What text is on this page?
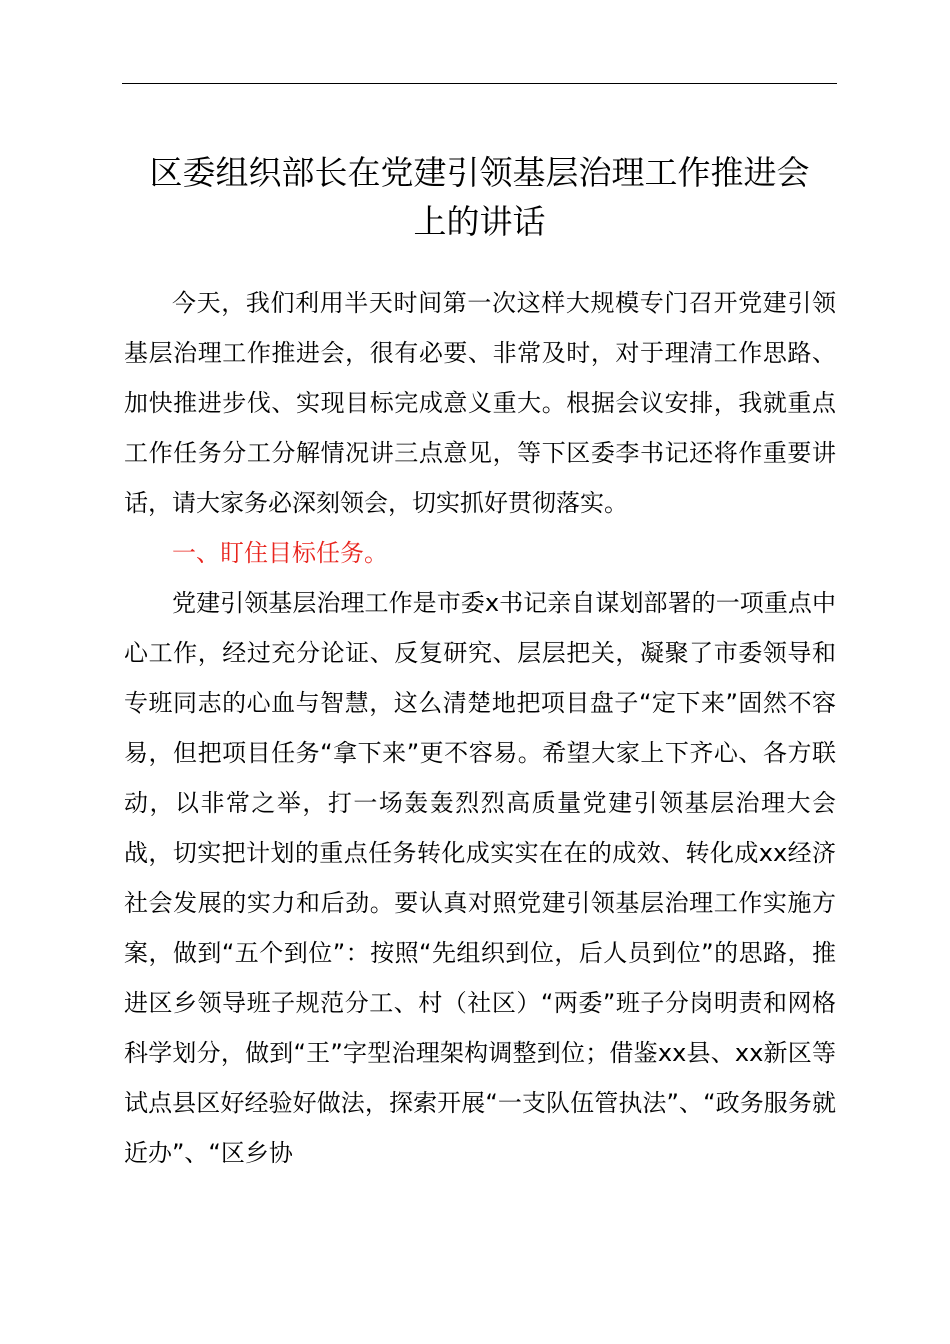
区委组织部长在党建引领基层治理工作推进会
上的讲话

今天，我们利用半天时间第一次这样大规模专门召开党建引领基层治理工作推进会，很有必要、非常及时，对于理清工作思路、加快推进步伐、实现目标完成意义重大。根据会议安排，我就重点工作任务分工分解情况讲三点意见，等下区委李书记还将作重要讲话，请大家务必深刻领会，切实抓好贯彻落实。

一、盯住目标任务。

党建引领基层治理工作是市委x书记亲自谋划部署的一项重点中心工作，经过充分论证、反复研究、层层把关，凝聚了市委领导和专班同志的心血与智慧，这么清楚地把项目盘子“定下来”固然不容易，但把项目任务“拿下来”更不容易。希望大家上下齐心、各方联动，以非常之举，打一场轰轰烈烈高质量党建引领基层治理大会战，切实把计划的重点任务转化成实实在在的成效、转化成xx经济社会发展的实力和后劲。要认真对照党建引领基层治理工作实施方案，做到“五个到位”：按照“先组织到位，后人员到位”的思路，推进区乡领导班子规范分工、村（社区）“两委”班子分岗明责和网格科学划分，做到“王”字型治理架构调整到位；借鉴xx县、xx新区等试点县区好经验好做法，探索开展“一支队伍管执法”、“政务服务就近办”、“区乡协
